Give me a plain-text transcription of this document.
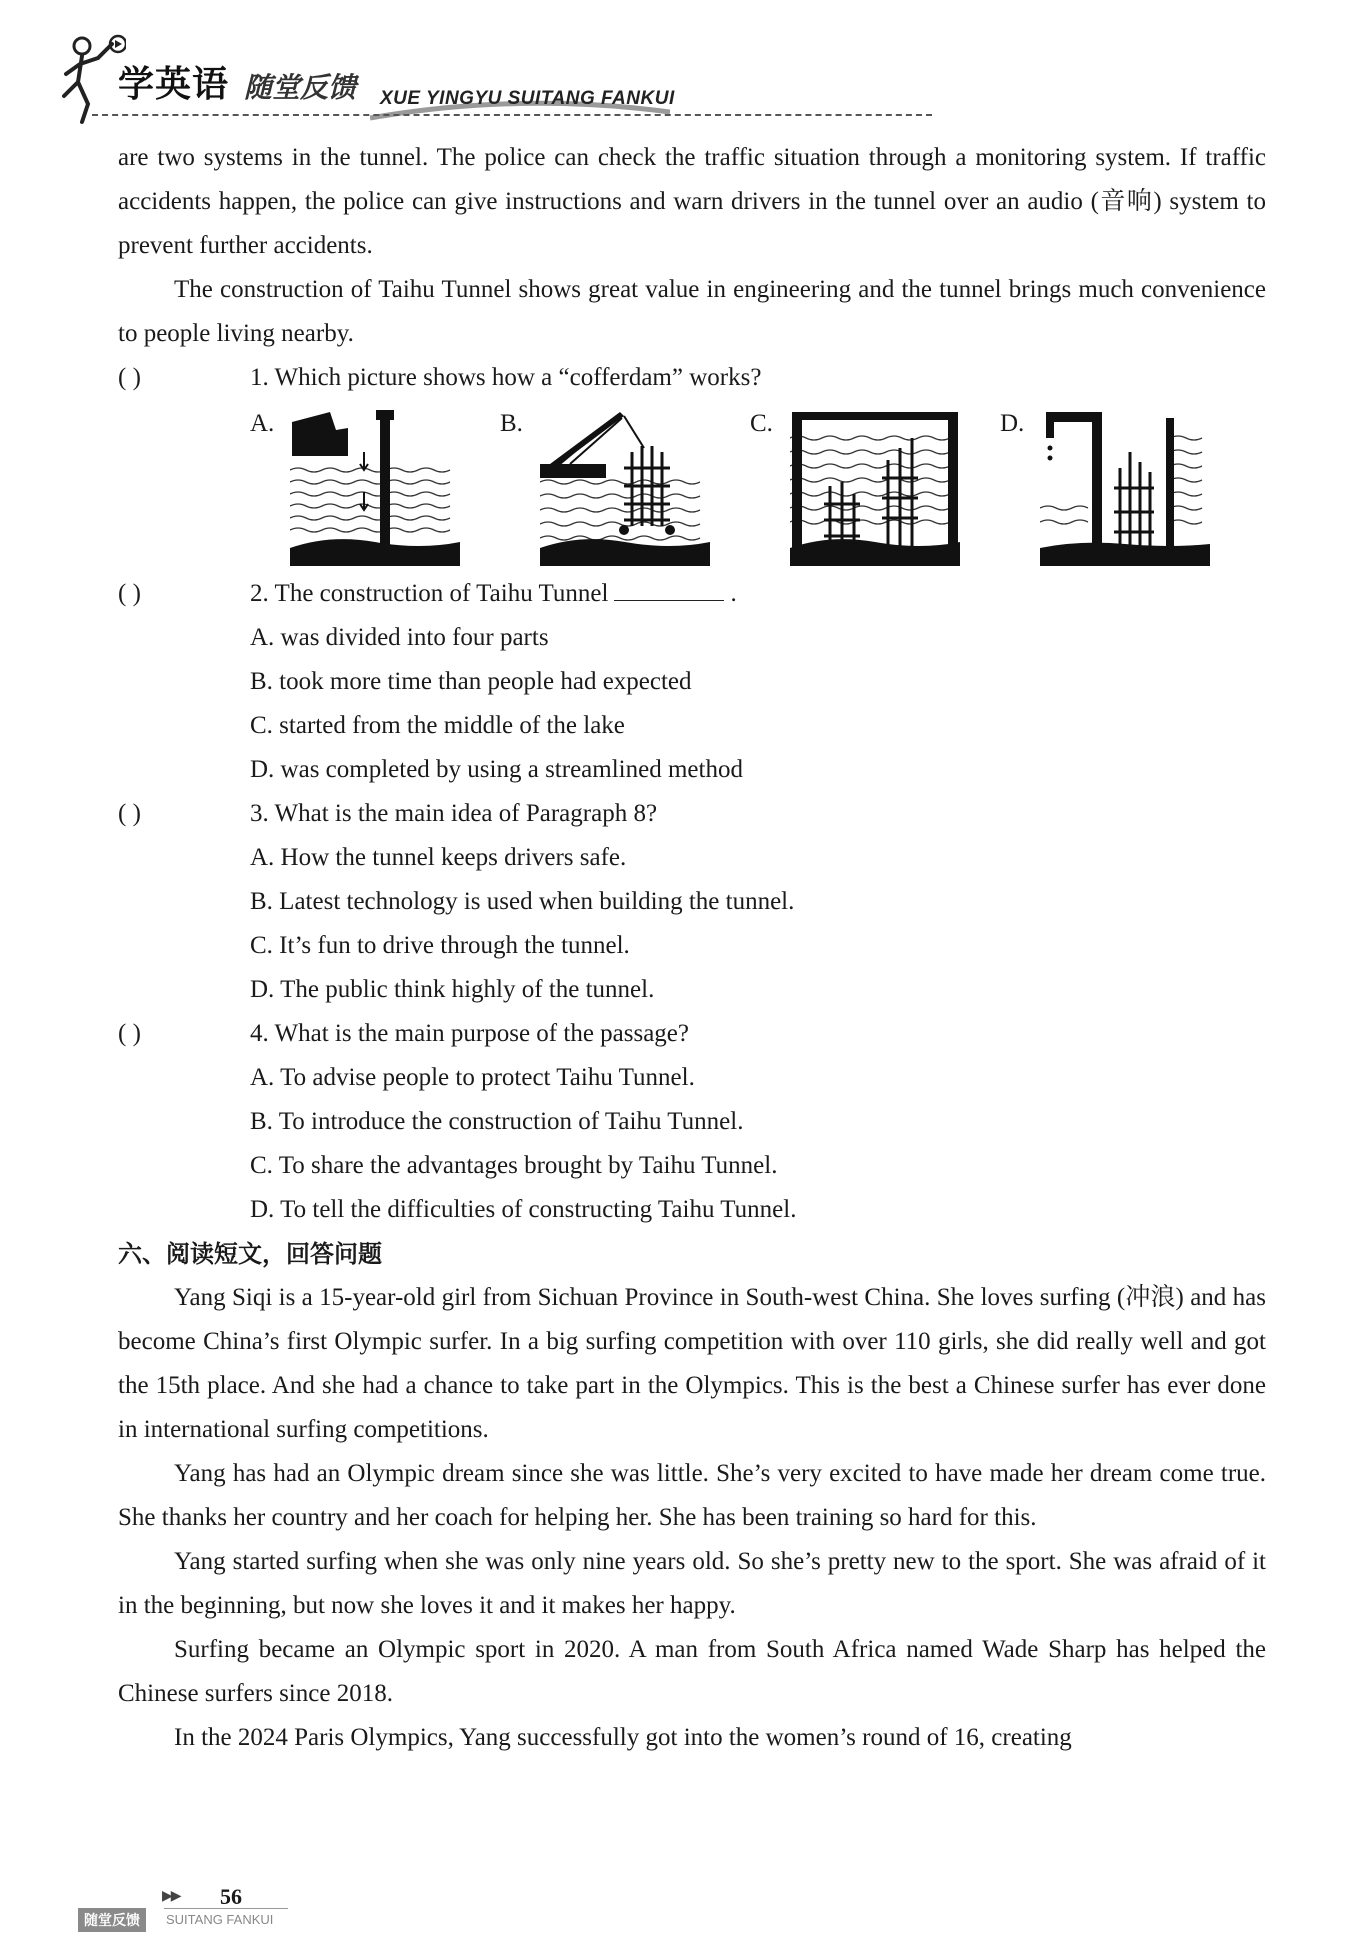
学英语 随堂反馈 XUE YINGYU SUITANG FANKUI

are two systems in the tunnel. The police can check the traffic situation through a monitoring system. If traffic accidents happen, the police can give instructions and warn drivers in the tunnel over an audio (音响) system to prevent further accidents.

The construction of Taihu Tunnel shows great value in engineering and the tunnel brings much convenience to people living nearby.

( )	1. Which picture shows how a “cofferdam” works?

A.	B.	C.	D.

( )	2. The construction of Taihu Tunnel	.

A. was divided into four parts

B. took more time than people had expected

C. started from the middle of the lake

D. was completed by using a streamlined method

( )	3. What is the main idea of Paragraph 8?

A. How the tunnel keeps drivers safe.

B. Latest technology is used when building the tunnel.

C. It’s fun to drive through the tunnel.

D. The public think highly of the tunnel.

( )	4. What is the main purpose of the passage?

A. To advise people to protect Taihu Tunnel.

B. To introduce the construction of Taihu Tunnel.

C. To share the advantages brought by Taihu Tunnel.

D. To tell the difficulties of constructing Taihu Tunnel.

六、阅读短文，回答问题

Yang Siqi is a 15-year-old girl from Sichuan Province in South-west China. She loves surfing (冲浪) and has become China’s first Olympic surfer. In a big surfing competition with over 110 girls, she did really well and got the 15th place. And she had a chance to take part in the Olympics. This is the best a Chinese surfer has ever done in international surfing competitions.

Yang has had an Olympic dream since she was little. She’s very excited to have made her dream come true. She thanks her country and her coach for helping her. She has been training so hard for this.

Yang started surfing when she was only nine years old. So she’s pretty new to the sport. She was afraid of it in the beginning, but now she loves it and it makes her happy.

Surfing became an Olympic sport in 2020. A man from South Africa named Wade Sharp has helped the Chinese surfers since 2018.

In the 2024 Paris Olympics, Yang successfully got into the women’s round of 16, creating

▶▶ 56
随堂反馈	SUITANG FANKUI
